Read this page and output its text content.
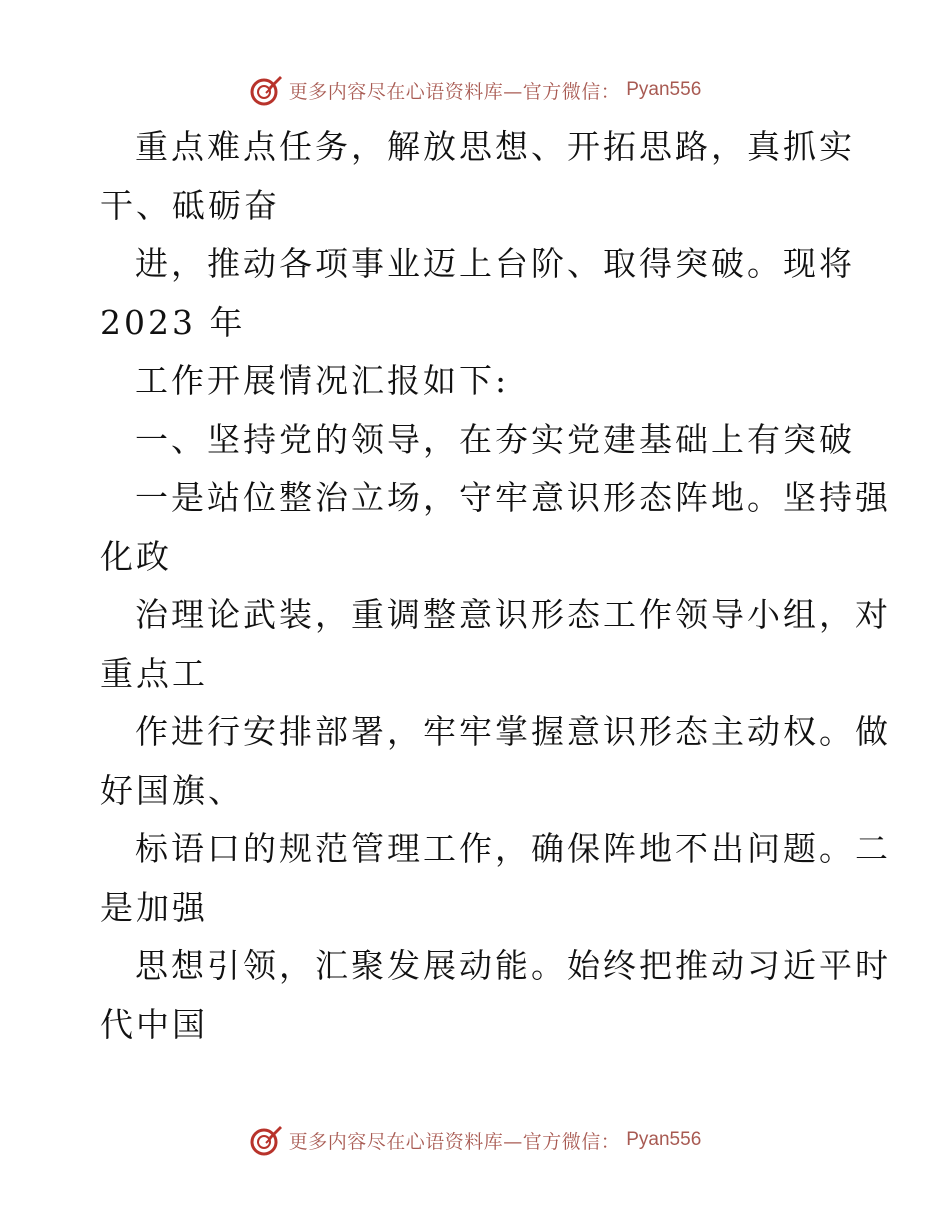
更多内容尽在心语资料库—官方微信： Pyan556
重点难点任务，解放思想、开拓思路，真抓实
干、砥砺奋
进，推动各项事业迈上台阶、取得突破。现将
2023 年
工作开展情况汇报如下:
一、坚持党的领导，在夯实党建基础上有突破
一是站位整治立场，守牢意识形态阵地。坚持强
化政
治理论武装，重调整意识形态工作领导小组，对
重点工
作进行安排部署，牢牢掌握意识形态主动权。做
好国旗、
标语口的规范管理工作，确保阵地不出问题。二
是加强
思想引领，汇聚发展动能。始终把推动习近平时
代中国
更多内容尽在心语资料库—官方微信： Pyan556
